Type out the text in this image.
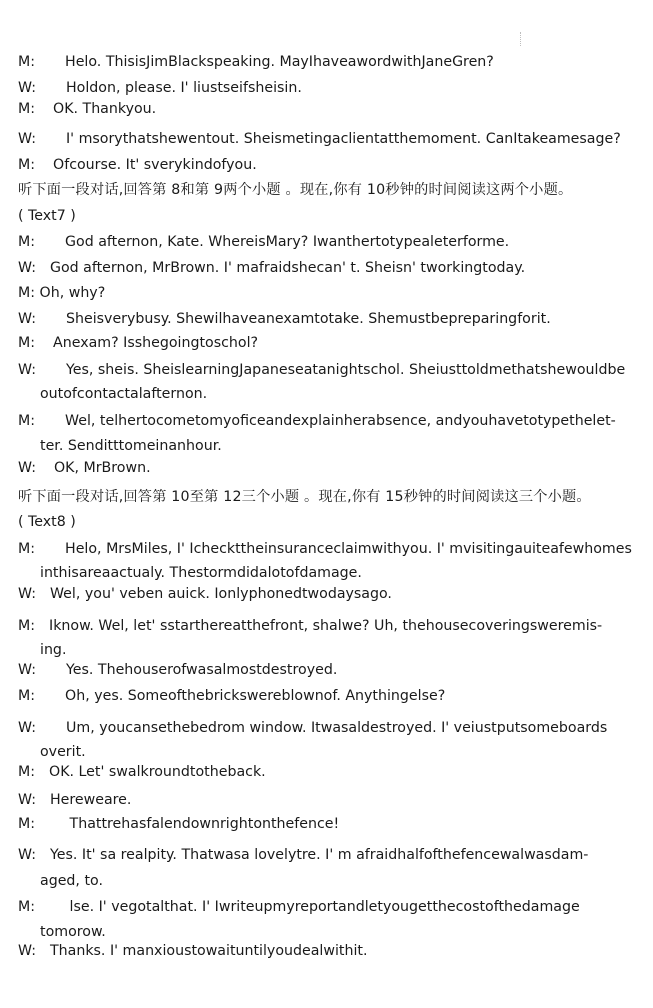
M: Helo. ThisisJimBlackspeaking. MayIhaveawordwithJaneGren?
W: Holdon, please. I' liustseifsheisin.
M: OK. Thankyou.
W: I' msorythatshewentout. Sheismetingaclientatthemoment. CanItakeamesage?
M: Ofcourse. It' sverykindofyou.
听下面一段对话,回答第 8和第 9两个小题 。现在,你有 10秒钟的时间阅读这两个小题。
( Text7 )
M: God afternon, Kate. WhereisMary? Iwanthertotypealeterforme.
W: God afternon, MrBrown. I' mafraidshecan' t. Sheisn' tworkingtoday.
M: Oh, why?
W: Sheisverybusy. Shewilhaveanexamtotake. Shemustbepreparingforit.
M: Anexam? Isshegoingtoschol?
W: Yes, sheis. SheislearningJapaneseatanightschol. Sheiusttoldmethatshewouldbe
outofcontactalafternon.
M: Wel, telhertocometomyoficeandexplainherabsence, andyouhavetotypethelet-
ter. Senditttomeinanhour.
W: OK, MrBrown.
听下面一段对话,回答第 10至第 12三个小题 。现在,你有 15秒钟的时间阅读这三个小题。
( Text8 )
M: Helo, MrsMiles, I' Icheckttheinsuranceclaimwithyou. I' mvisitingauiteafewhomes
inthisareaactualy. Thestormdidalotofdamage.
W: Wel, you' veben auick. Ionlyphonedtwodaysago.
M: Iknow. Wel, let' sstarthereatthefront, shalwe? Uh, thehousecoveringsweremis-
ing.
W: Yes. Thehouserofwasalmostdestroyed.
M: Oh, yes. Someofthebrickswereblownof. Anythingelse?
W: Um, youcansethebedrom window. Itwasaldestroyed. I' veiustputsomeboards
overit.
M: OK. Let' swalkroundtotheback.
W: Hereweare.
M: Thattrehasfalendownrightonthefence!
W: Yes. It' sa realpity. Thatwasa lovelytre. I' m afraidhalfofthefencewalwasdam-
aged, to.
M: lse. I' vegotalthat. I' Iwriteupmyreportandletyougetthecostofthedamage
tomorow.
W: Thanks. I' manxioustowaituntilyoudealwithit.
